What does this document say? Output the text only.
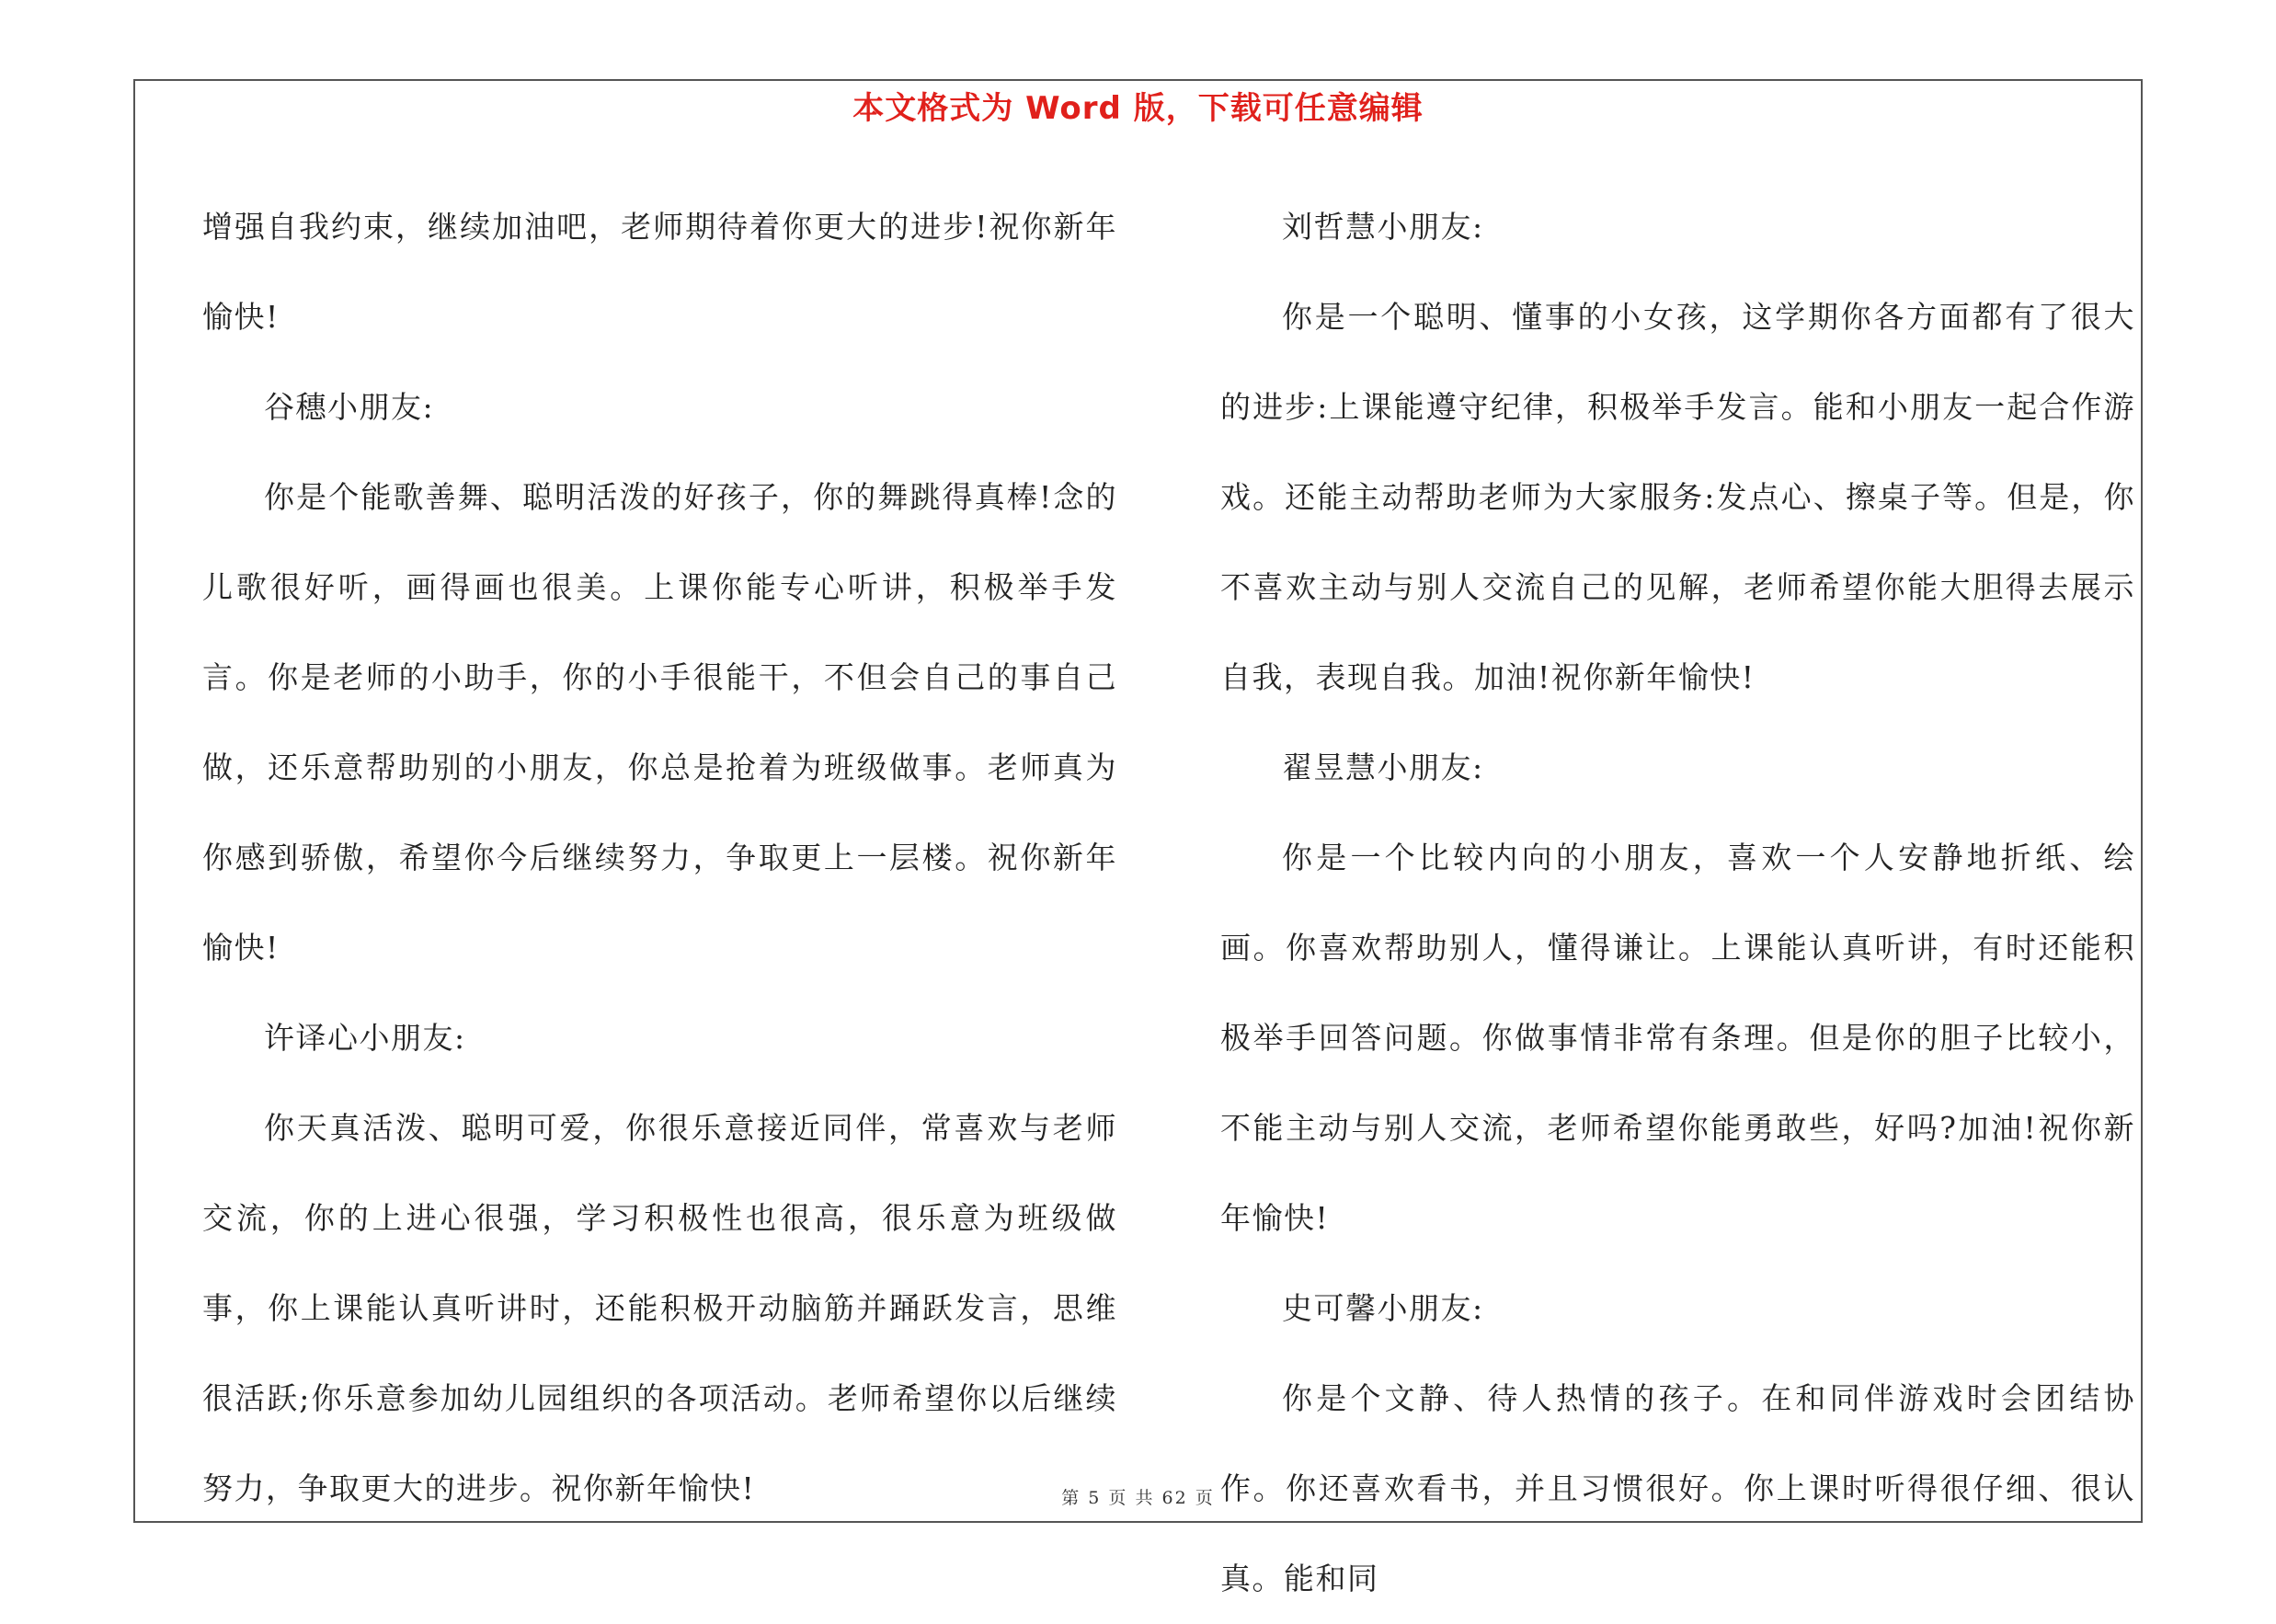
本文格式为 Word 版，下载可任意编辑

增强自我约束，继续加油吧，老师期待着你更大的进步!祝你新年愉快!

谷穗小朋友:

你是个能歌善舞、聪明活泼的好孩子，你的舞跳得真棒!念的儿歌很好听，画得画也很美。上课你能专心听讲，积极举手发言。你是老师的小助手，你的小手很能干，不但会自己的事自己做，还乐意帮助别的小朋友，你总是抢着为班级做事。老师真为你感到骄傲，希望你今后继续努力，争取更上一层楼。祝你新年愉快!

许译心小朋友:

你天真活泼、聪明可爱，你很乐意接近同伴，常喜欢与老师交流，你的上进心很强，学习积极性也很高，很乐意为班级做事，你上课能认真听讲时，还能积极开动脑筋并踊跃发言，思维很活跃;你乐意参加幼儿园组织的各项活动。老师希望你以后继续努力，争取更大的进步。祝你新年愉快!

刘哲慧小朋友:

你是一个聪明、懂事的小女孩，这学期你各方面都有了很大的进步:上课能遵守纪律，积极举手发言。能和小朋友一起合作游戏。还能主动帮助老师为大家服务:发点心、擦桌子等。但是，你不喜欢主动与别人交流自己的见解，老师希望你能大胆得去展示自我，表现自我。加油!祝你新年愉快!

翟昱慧小朋友:

你是一个比较内向的小朋友，喜欢一个人安静地折纸、绘画。你喜欢帮助别人，懂得谦让。上课能认真听讲，有时还能积极举手回答问题。你做事情非常有条理。但是你的胆子比较小，不能主动与别人交流，老师希望你能勇敢些，好吗?加油!祝你新年愉快!

史可馨小朋友:

你是个文静、待人热情的孩子。在和同伴游戏时会团结协作。你还喜欢看书，并且习惯很好。你上课时听得很仔细、很认真。能和同

第 5 页 共 62 页
